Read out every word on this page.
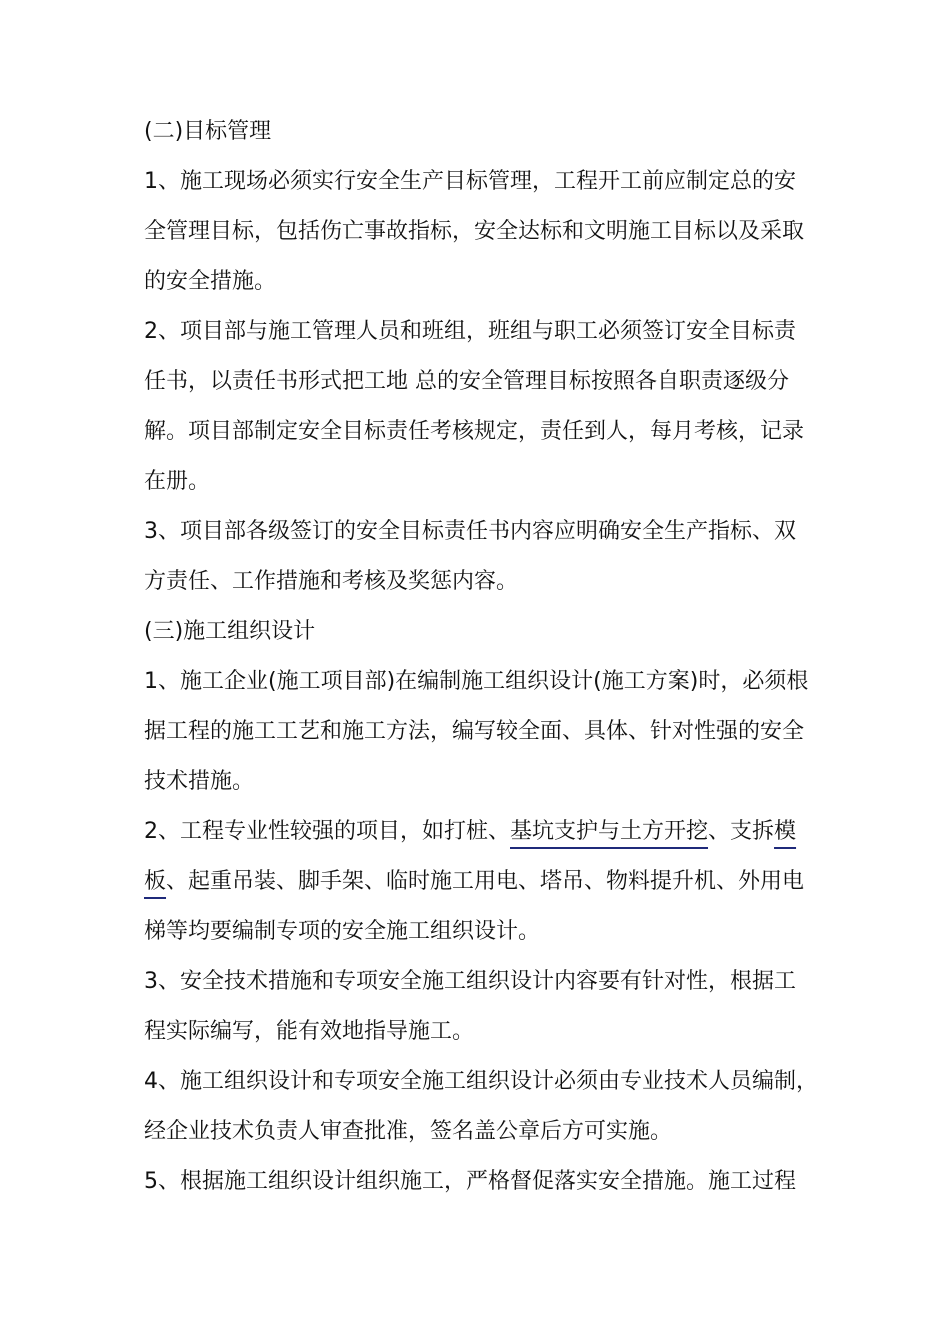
(二)目标管理
1、施工现场必须实行安全生产目标管理，工程开工前应制定总的安
全管理目标，包括伤亡事故指标，安全达标和文明施工目标以及采取
的安全措施。
2、项目部与施工管理人员和班组，班组与职工必须签订安全目标责
任书，以责任书形式把工地 总的安全管理目标按照各自职责逐级分
解。项目部制定安全目标责任考核规定，责任到人，每月考核，记录
在册。
3、项目部各级签订的安全目标责任书内容应明确安全生产指标、双
方责任、工作措施和考核及奖惩内容。
(三)施工组织设计
1、施工企业(施工项目部)在编制施工组织设计(施工方案)时，必须根
据工程的施工工艺和施工方法，编写较全面、具体、针对性强的安全
技术措施。
2、工程专业性较强的项目，如打桩、基坑支护与土方开挖、支拆模
板、起重吊装、脚手架、临时施工用电、塔吊、物料提升机、外用电
梯等均要编制专项的安全施工组织设计。
3、安全技术措施和专项安全施工组织设计内容要有针对性，根据工
程实际编写，能有效地指导施工。
4、施工组织设计和专项安全施工组织设计必须由专业技术人员编制，
经企业技术负责人审查批准，签名盖公章后方可实施。
5、根据施工组织设计组织施工，严格督促落实安全措施。施工过程
